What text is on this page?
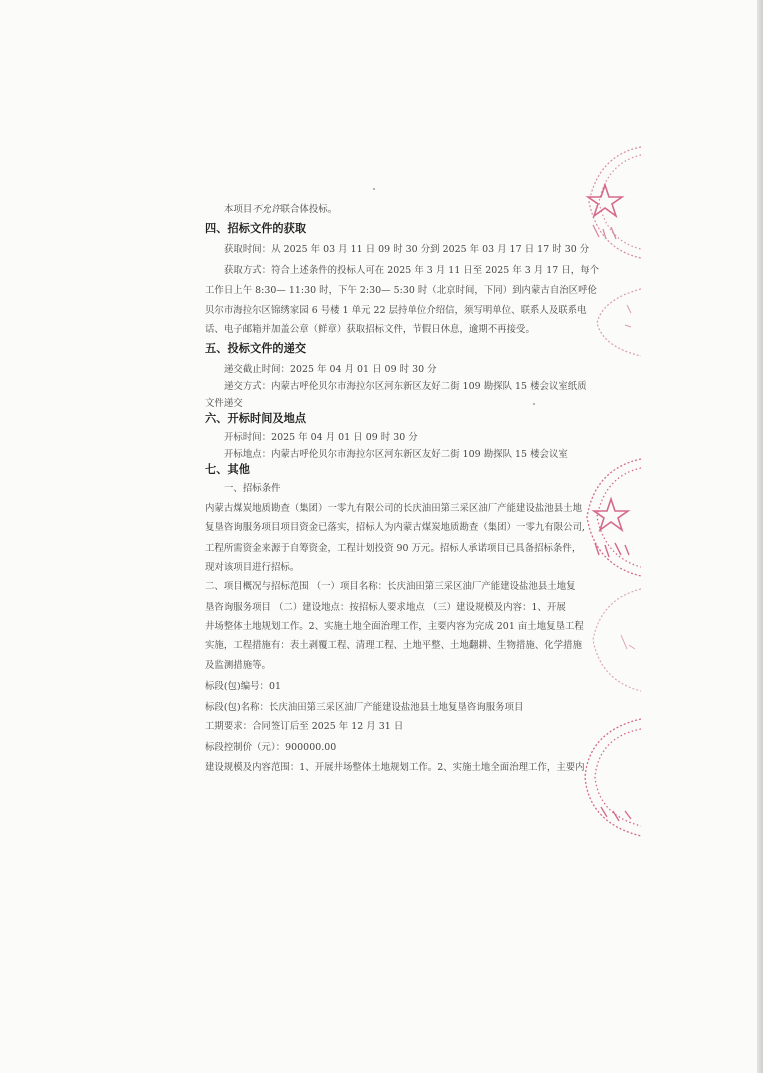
本项目不允许联合体投标。
四、招标文件的获取
获取时间：从 2025 年 03 月 11 日 09 时 30 分到 2025 年 03 月 17 日 17 时 30 分
获取方式：符合上述条件的投标人可在 2025 年 3 月 11 日至 2025 年 3 月 17 日，每个
工作日上午 8:30— 11:30 时，下午 2:30— 5:30 时（北京时间，下同）到内蒙古自治区呼伦
贝尔市海拉尔区锦绣家园 6 号楼 1 单元 22 层持单位介绍信，须写明单位、联系人及联系电
话、电子邮箱并加盖公章（鲜章）获取招标文件，节假日休息，逾期不再接受。
五、投标文件的递交
递交截止时间：2025 年 04 月 01 日 09 时 30 分
递交方式：内蒙古呼伦贝尔市海拉尔区河东新区友好二街 109 勘探队 15 楼会议室纸质
文件递交
六、开标时间及地点
开标时间：2025 年 04 月 01 日 09 时 30 分
开标地点：内蒙古呼伦贝尔市海拉尔区河东新区友好二街 109 勘探队 15 楼会议室
七、其他
一、招标条件
内蒙古煤炭地质勘查（集团）一零九有限公司的长庆油田第三采区油厂产能建设盐池县土地
复垦咨询服务项目项目资金已落实，招标人为内蒙古煤炭地质勘查（集团）一零九有限公司,
工程所需资金来源于自筹资金，工程计划投资 90 万元。招标人承诺项目已具备招标条件，
现对该项目进行招标。
二、项目概况与招标范围 （一）项目名称：长庆油田第三采区油厂产能建设盐池县土地复
垦咨询服务项目 （二）建设地点：按招标人要求地点 （三）建设规模及内容：1、开展
井场整体土地规划工作。2、实施土地全面治理工作，主要内容为完成 201 亩土地复垦工程
实施，工程措施有：表土剥覆工程、清理工程、土地平整、土地翻耕、生物措施、化学措施
及监测措施等。
标段(包)编号：01
标段(包)名称：长庆油田第三采区油厂产能建设盐池县土地复垦咨询服务项目
工期要求：合同签订后至 2025 年 12 月 31 日
标段控制价（元）：900000.00
建设规模及内容范围：1、开展井场整体土地规划工作。2、实施土地全面治理工作，主要内
